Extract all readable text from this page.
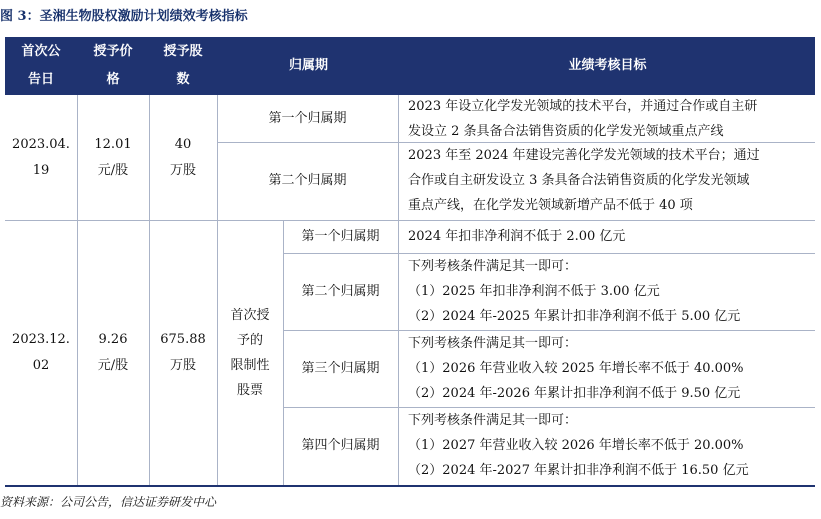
图 3：圣湘生物股权激励计划绩效考核指标
首次公
告日
授予价
格
授予股
数
归属期	业绩考核目标
2023.04.
19
12.01
元/股
40
万股
第一个归属期
第二个归属期
2023 年设立化学发光领域的技术平台，并通过合作或自主研
发设立 2 条具备合法销售资质的化学发光领域重点产线
2023 年至 2024 年建设完善化学发光领域的技术平台；通过
合作或自主研发设立 3 条具备合法销售资质的化学发光领域
重点产线，在化学发光领域新增产品不低于 40 项
2023.12.
02
9.26
元/股
675.88
万股
首次授
予的
限制性
股票
第一个归属期
第二个归属期
第三个归属期
第四个归属期
2024 年扣非净利润不低于 2.00 亿元
下列考核条件满足其一即可：
（1）2025 年扣非净利润不低于 3.00 亿元
（2）2024 年-2025 年累计扣非净利润不低于 5.00 亿元
下列考核条件满足其一即可：
（1）2026 年营业收入较 2025 年增长率不低于 40.00%
（2）2024 年-2026 年累计扣非净利润不低于 9.50 亿元
下列考核条件满足其一即可：
（1）2027 年营业收入较 2026 年增长率不低于 20.00%
（2）2024 年-2027 年累计扣非净利润不低于 16.50 亿元
资料来源：公司公告，信达证券研发中心
